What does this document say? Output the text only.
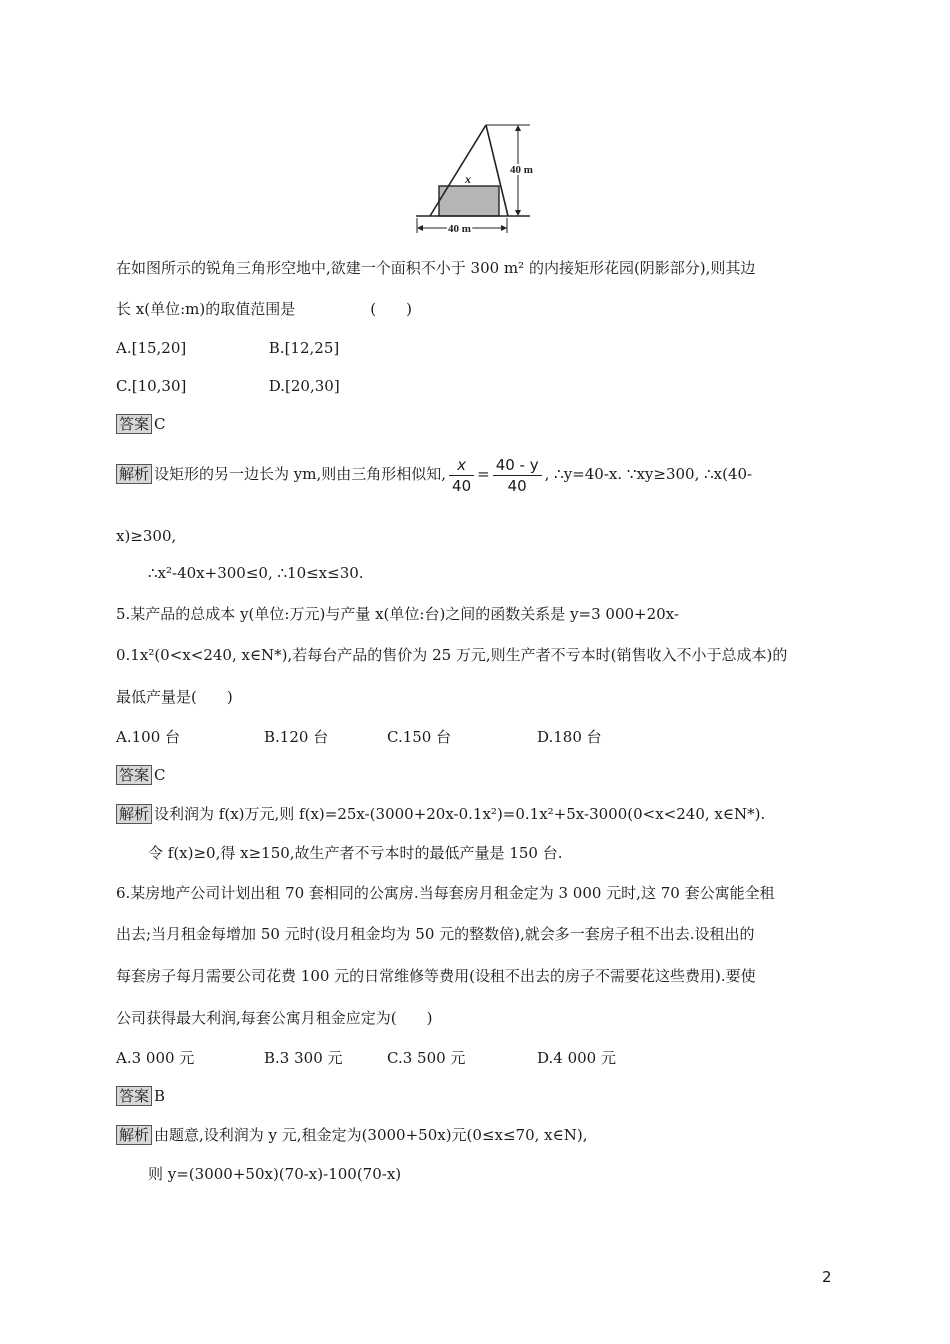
40 m
40 m
x
在如图所示的锐角三角形空地中,欲建一个面积不小于 300 m² 的内接矩形花园(阴影部分),则其边
长 x(单位:m)的取值范围是　　　　　(　　)
A.[15,20]	B.[12,25]
C.[10,30]	D.[20,30]
答案 C
解析 设矩形的另一边长为 ym,则由三角形相似知, $\frac{x}{40} = \frac{40 - y}{40}$ , ∴y=40-x. ∵xy≥300, ∴x(40-
x)≥300,
∴x²-40x+300≤0, ∴10≤x≤30.
5.某产品的总成本 y(单位:万元)与产量 x(单位:台)之间的函数关系是 y=3 000+20x-
0.1x²(0<x<240, x∈N*),若每台产品的售价为 25 万元,则生产者不亏本时(销售收入不小于总成本)的
最低产量是(　　)
A.100 台	B.120 台	C.150 台	D.180 台
答案 C
解析 设利润为 f(x)万元,则 f(x)=25x-(3000+20x-0.1x²)=0.1x²+5x-3000(0<x<240, x∈N*).
令 f(x)≥0,得 x≥150,故生产者不亏本时的最低产量是 150 台.
6.某房地产公司计划出租 70 套相同的公寓房.当每套房月租金定为 3 000 元时,这 70 套公寓能全租
出去;当月租金每增加 50 元时(设月租金均为 50 元的整数倍),就会多一套房子租不出去.设租出的
每套房子每月需要公司花费 100 元的日常维修等费用(设租不出去的房子不需要花这些费用).要使
公司获得最大利润,每套公寓月租金应定为(　　)
A.3 000 元	B.3 300 元	C.3 500 元	D.4 000 元
答案 B
解析 由题意,设利润为 y 元,租金定为(3000+50x)元(0≤x≤70, x∈N),
则 y=(3000+50x)(70-x)-100(70-x)
2
